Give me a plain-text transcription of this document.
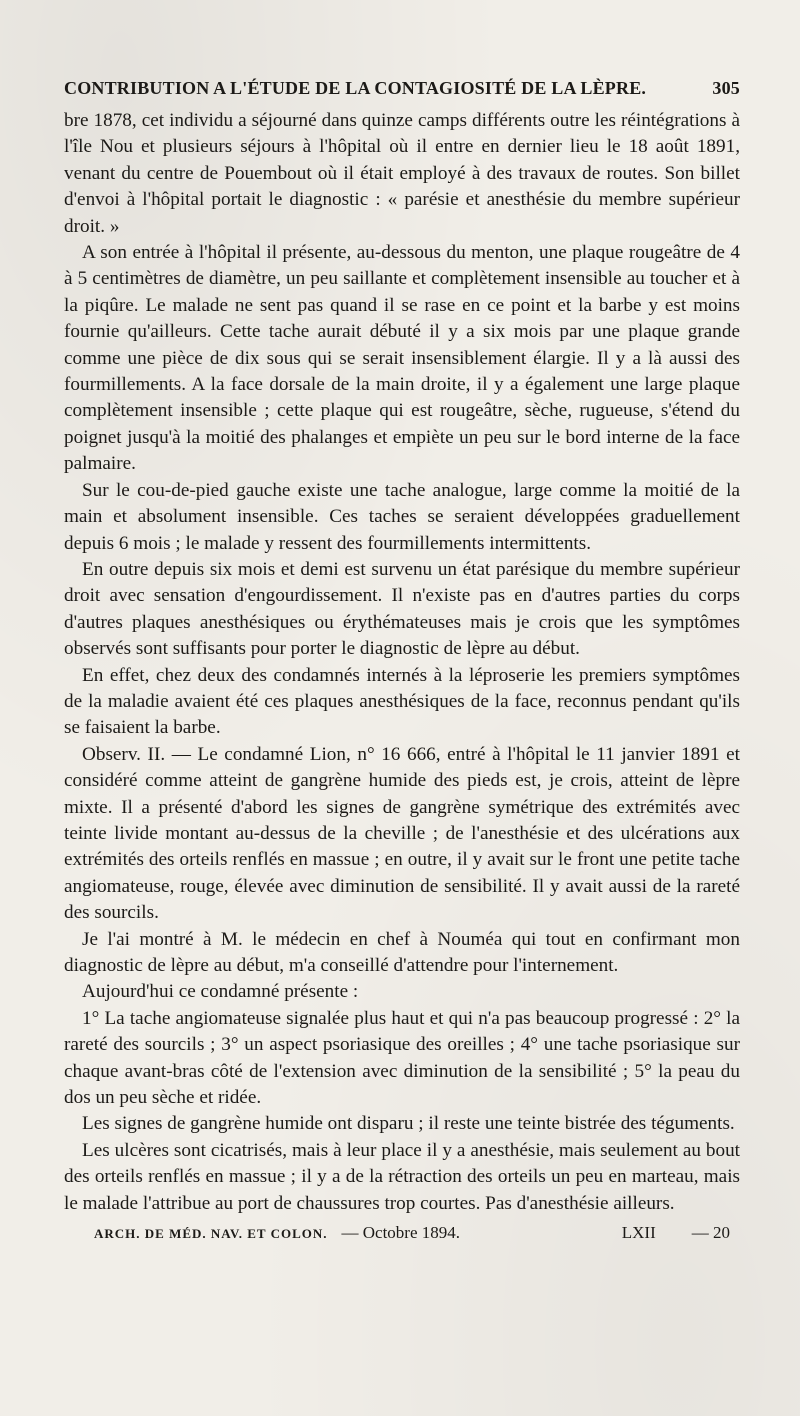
CONTRIBUTION A L'ÉTUDE DE LA CONTAGIOSITÉ DE LA LÈPRE.	305

bre 1878, cet individu a séjourné dans quinze camps différents outre les réintégrations à l'île Nou et plusieurs séjours à l'hôpital où il entre en dernier lieu le 18 août 1891, venant du centre de Pouembout où il était employé à des travaux de routes. Son billet d'envoi à l'hôpital portait le diagnostic : « parésie et anesthésie du membre supérieur droit. »

A son entrée à l'hôpital il présente, au-dessous du menton, une plaque rougeâtre de 4 à 5 centimètres de diamètre, un peu saillante et complètement insensible au toucher et à la piqûre. Le malade ne sent pas quand il se rase en ce point et la barbe y est moins fournie qu'ailleurs. Cette tache aurait débuté il y a six mois par une plaque grande comme une pièce de dix sous qui se serait insensiblement élargie. Il y a là aussi des fourmillements. A la face dorsale de la main droite, il y a également une large plaque complètement insensible ; cette plaque qui est rougeâtre, sèche, rugueuse, s'étend du poignet jusqu'à la moitié des phalanges et empiète un peu sur le bord interne de la face palmaire.

Sur le cou-de-pied gauche existe une tache analogue, large comme la moitié de la main et absolument insensible. Ces taches se seraient développées graduellement depuis 6 mois ; le malade y ressent des fourmillements intermittents.

En outre depuis six mois et demi est survenu un état parésique du membre supérieur droit avec sensation d'engourdissement. Il n'existe pas en d'autres parties du corps d'autres plaques anesthésiques ou érythémateuses mais je crois que les symptômes observés sont suffisants pour porter le diagnostic de lèpre au début.

En effet, chez deux des condamnés internés à la léproserie les premiers symptômes de la maladie avaient été ces plaques anesthésiques de la face, reconnus pendant qu'ils se faisaient la barbe.

Observ. II. — Le condamné Lion, n° 16 666, entré à l'hôpital le 11 janvier 1891 et considéré comme atteint de gangrène humide des pieds est, je crois, atteint de lèpre mixte. Il a présenté d'abord les signes de gangrène symétrique des extrémités avec teinte livide montant au-dessus de la cheville ; de l'anesthésie et des ulcérations aux extrémités des orteils renflés en massue ; en outre, il y avait sur le front une petite tache angiomateuse, rouge, élevée avec diminution de sensibilité. Il y avait aussi de la rareté des sourcils.

Je l'ai montré à M. le médecin en chef à Nouméa qui tout en confirmant mon diagnostic de lèpre au début, m'a conseillé d'attendre pour l'internement.

Aujourd'hui ce condamné présente :

1° La tache angiomateuse signalée plus haut et qui n'a pas beaucoup progressé : 2° la rareté des sourcils ; 3° un aspect psoriasique des oreilles ; 4° une tache psoriasique sur chaque avant-bras côté de l'extension avec diminution de la sensibilité ; 5° la peau du dos un peu sèche et ridée.

Les signes de gangrène humide ont disparu ; il reste une teinte bistrée des téguments.

Les ulcères sont cicatrisés, mais à leur place il y a anesthésie, mais seulement au bout des orteils renflés en massue ; il y a de la rétraction des orteils un peu en marteau, mais le malade l'attribue au port de chaussures trop courtes. Pas d'anesthésie ailleurs.

ARCH. DE MÉD. NAV. ET COLON. — Octobre 1894.	LXII — 20
